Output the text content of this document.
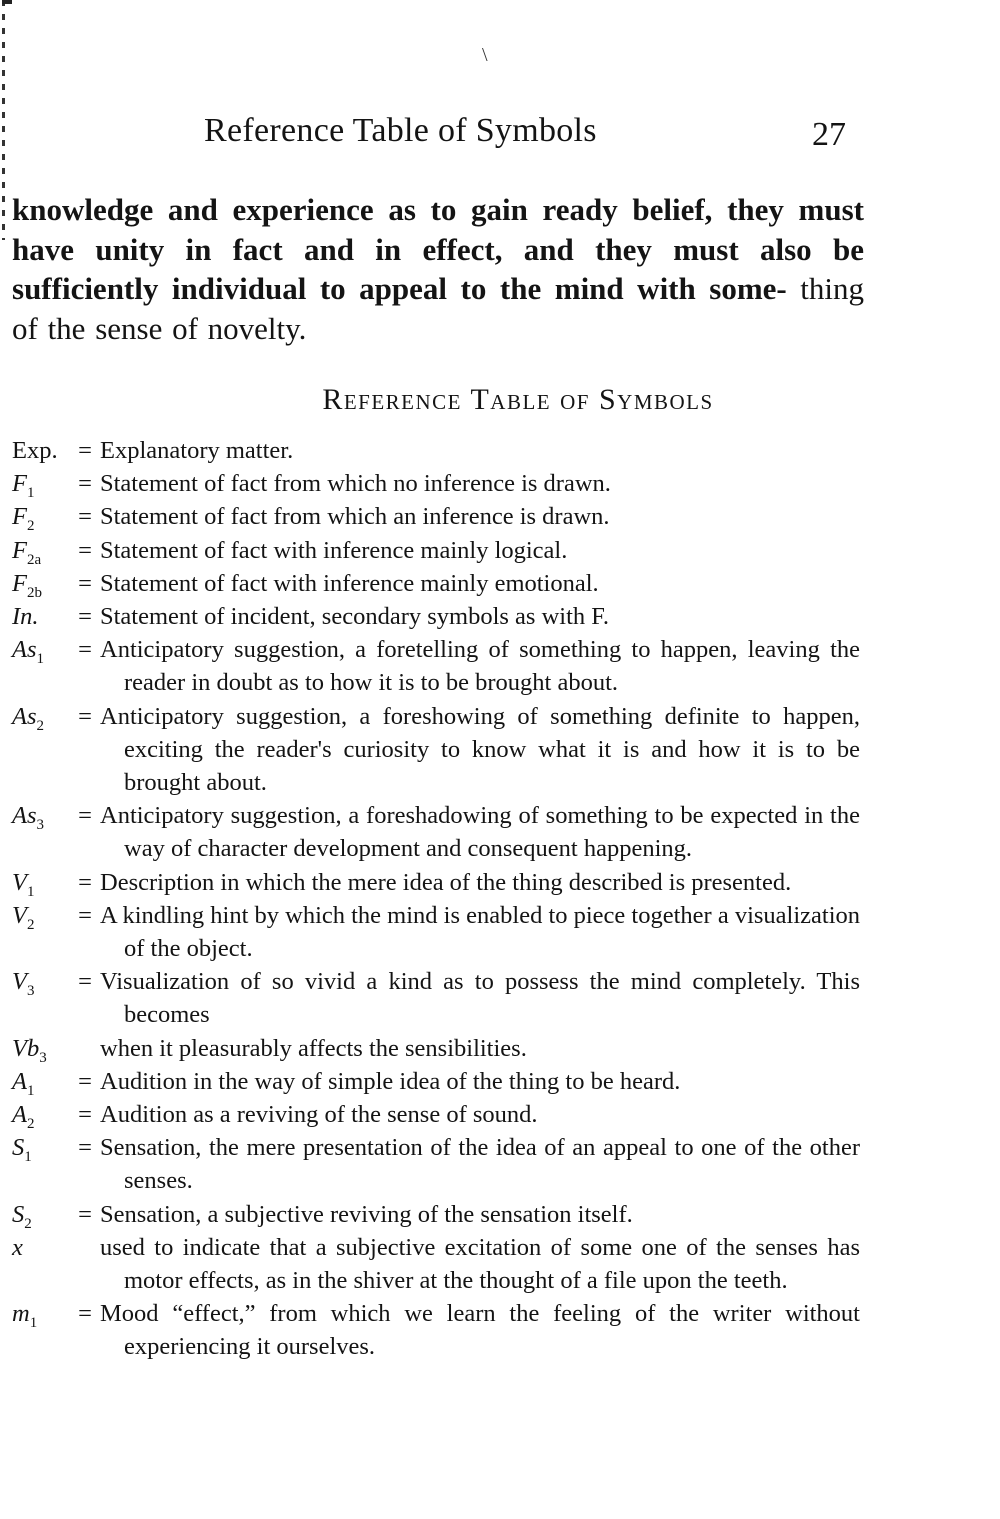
\
Reference Table of Symbols	27
knowledge and experience as to gain ready belief, they must have unity in fact and in effect, and they must also be sufficiently individual to appeal to the mind with some- thing of the sense of novelty.
Reference Table of Symbols
Exp. = Explanatory matter.
$F_1$	= Statement of fact from which no inference is drawn.
$F_2$	= Statement of fact from which an inference is drawn.
$F_{2a}$	= Statement of fact with inference mainly logical.
$F_{2b}$	= Statement of fact with inference mainly emotional.
In.	= Statement of incident, secondary symbols as with F.
$As_1$	= Anticipatory suggestion, a foretelling of something to happen, leaving the reader in doubt as to how it is to be brought about.
$As_2$	= Anticipatory suggestion, a foreshowing of something definite to happen, exciting the reader's curiosity to know what it is and how it is to be brought about.
$As_3$	= Anticipatory suggestion, a foreshadowing of something to be expected in the way of character development and consequent happening.
$V_1$	= Description in which the mere idea of the thing described is presented.
$V_2$	= A kindling hint by which the mind is enabled to piece together a visualization of the object.
$V_3$	= Visualization of so vivid a kind as to possess the mind completely. This becomes
$Vb_3$	when it pleasurably affects the sensibilities.
$A_1$	= Audition in the way of simple idea of the thing to be heard.
$A_2$	= Audition as a reviving of the sense of sound.
$S_1$	= Sensation, the mere presentation of the idea of an appeal to one of the other senses.
$S_2$	= Sensation, a subjective reviving of the sensation itself.
x	used to indicate that a subjective excitation of some one of the senses has motor effects, as in the shiver at the thought of a file upon the teeth.
$m_1$	= Mood “effect,” from which we learn the feeling of the writer without experiencing it ourselves.
